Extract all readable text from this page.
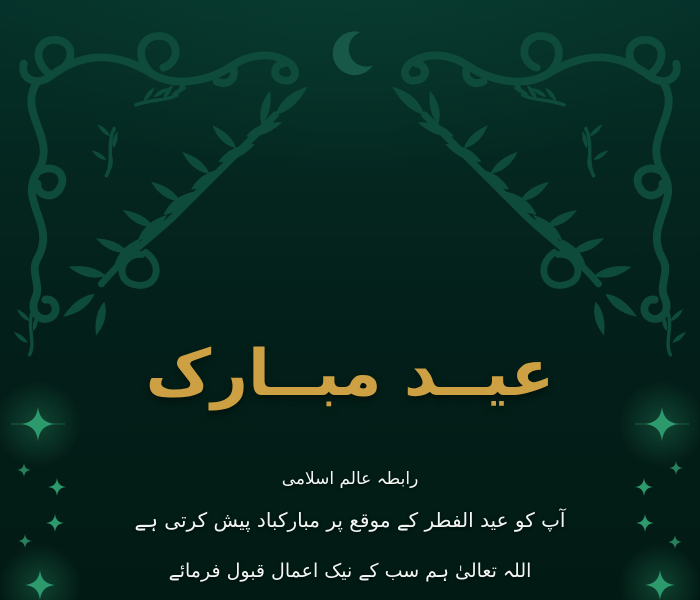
عیــد مبــارک

رابطہ عالم اسلامی

آپ کو عید الفطر کے موقع پر مبارکباد پیش کرتی ہے

اللہ تعالیٰ ہم سب کے نیک اعمال قبول فرمائے
